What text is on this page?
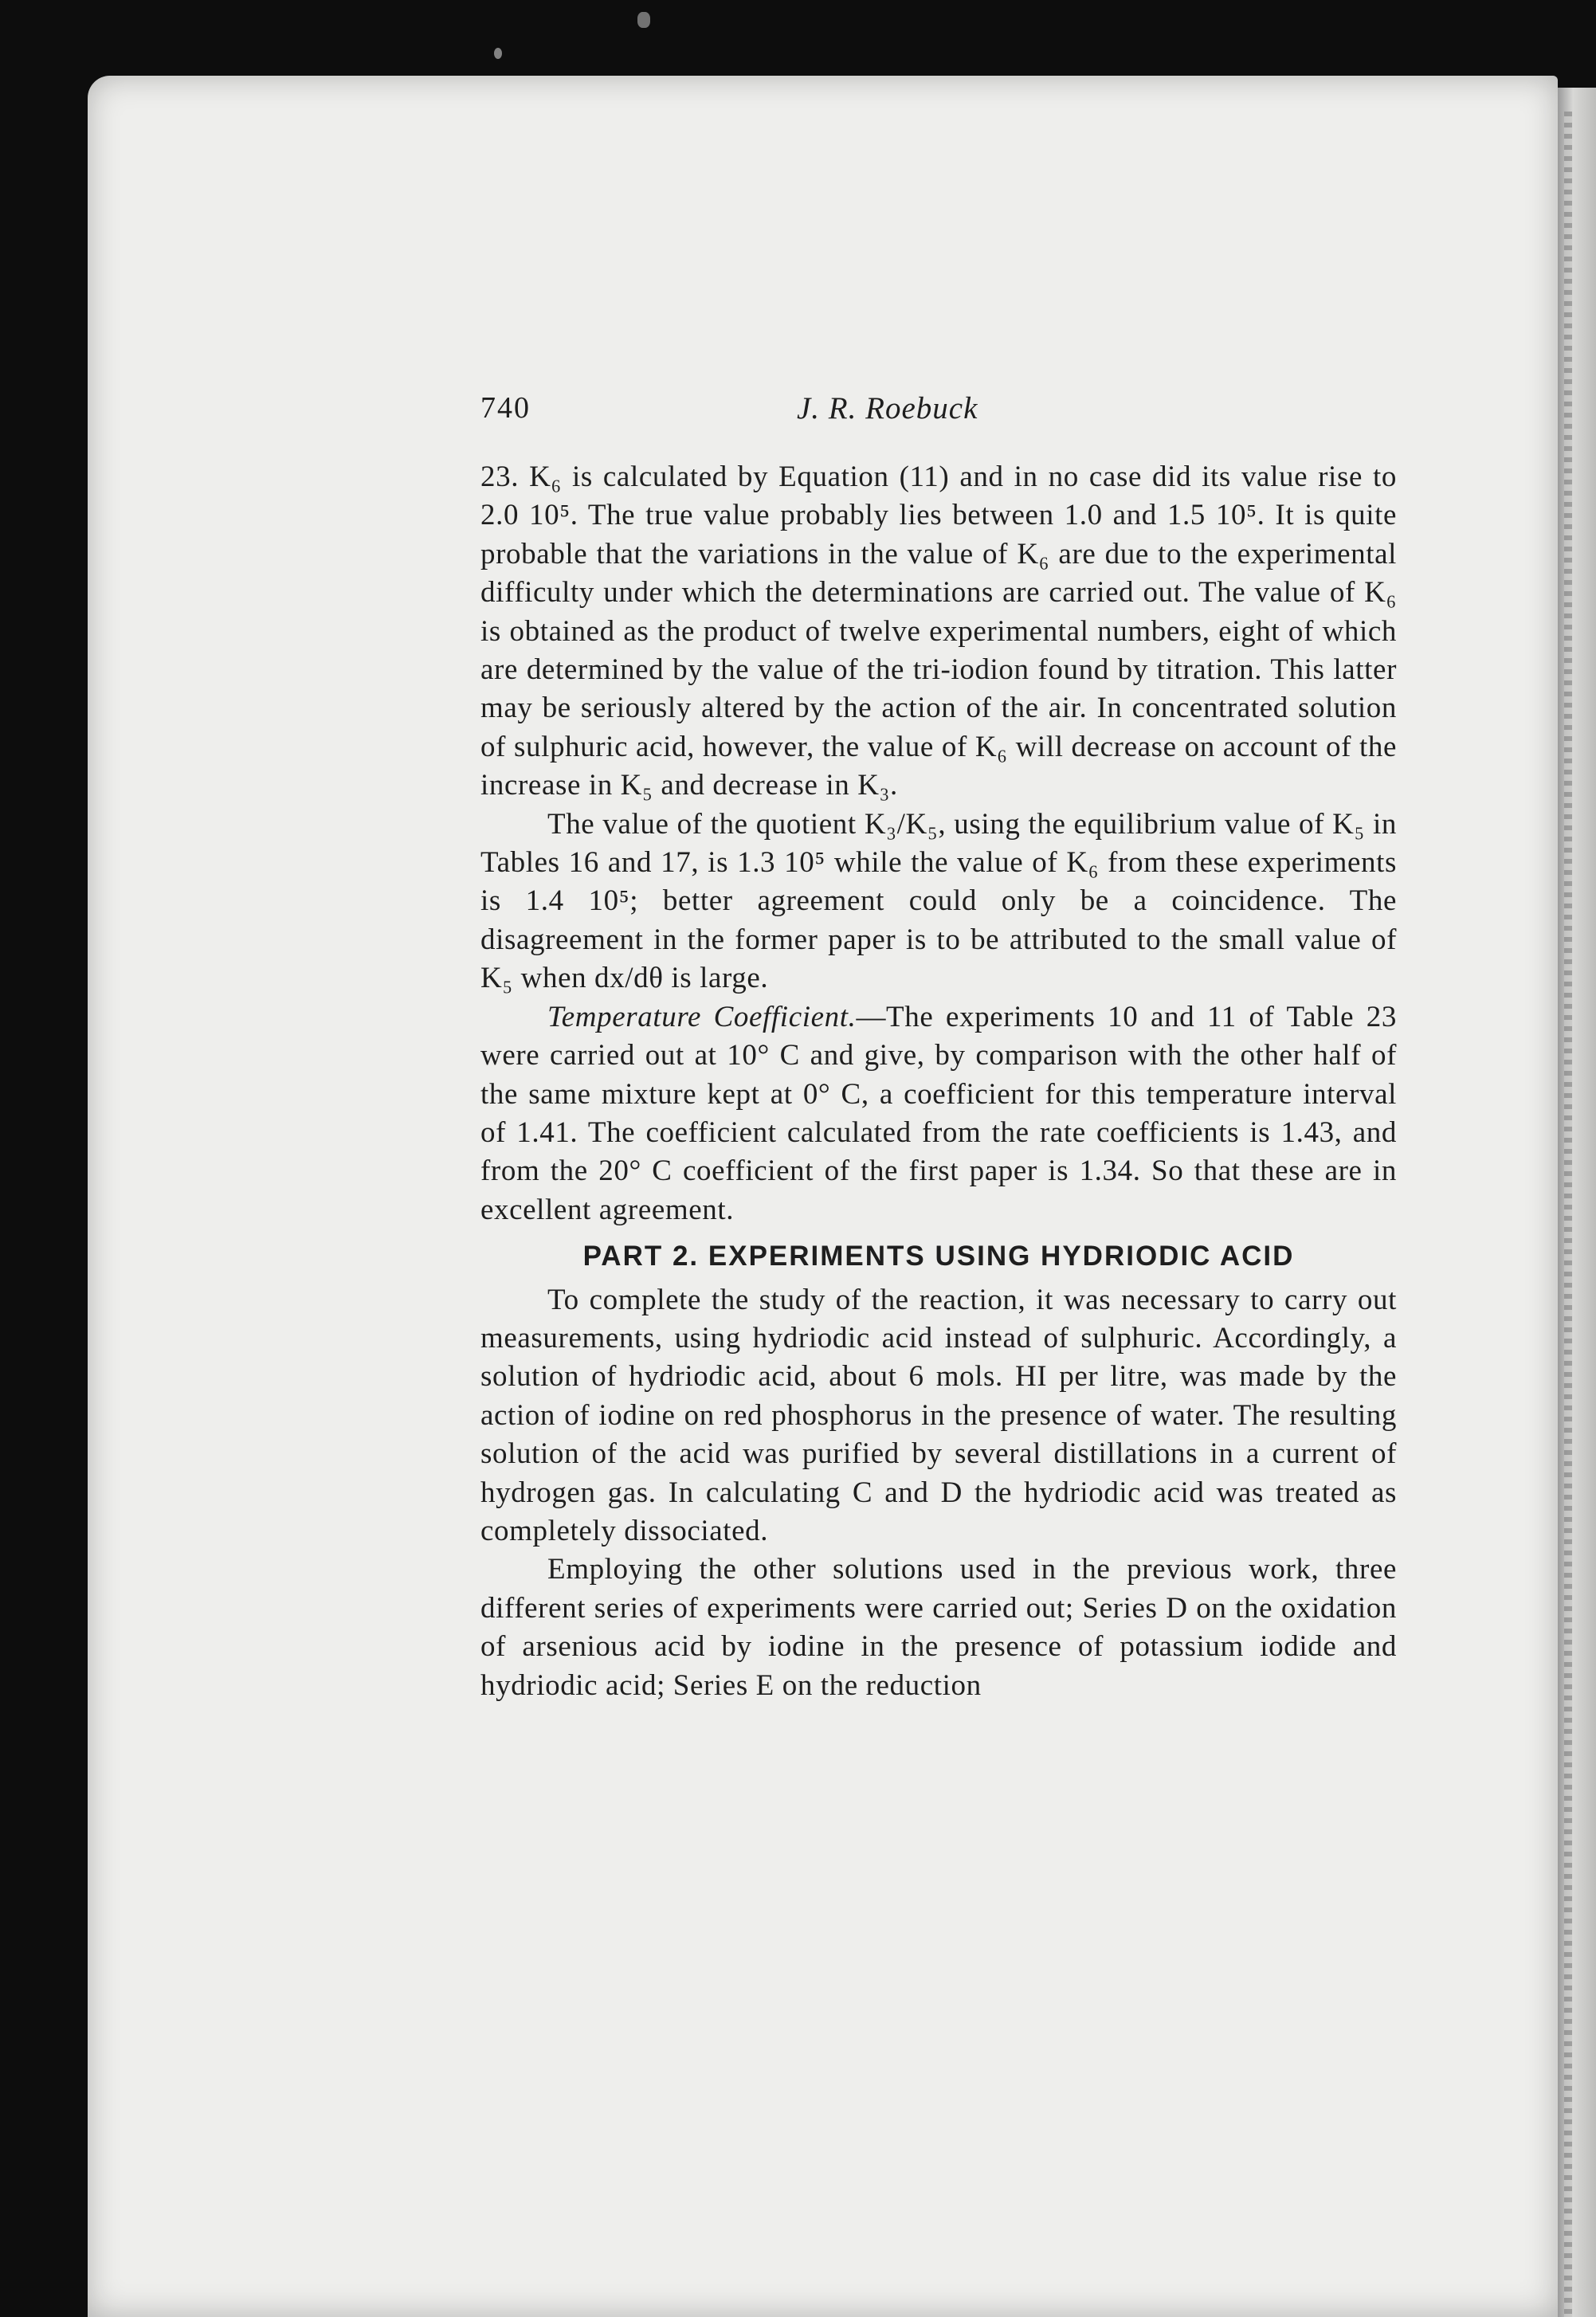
740	J. R. Roebuck

23. K₆ is calculated by Equation (11) and in no case did its value rise to 2.0 10⁵. The true value probably lies between 1.0 and 1.5 10⁵. It is quite probable that the variations in the value of K₆ are due to the experimental difficulty under which the determinations are carried out. The value of K₆ is obtained as the product of twelve experimental numbers, eight of which are determined by the value of the tri-iodion found by titration. This latter may be seriously altered by the action of the air. In concentrated solution of sulphuric acid, however, the value of K₆ will decrease on account of the increase in K₅ and decrease in K₃.

The value of the quotient K₃/K₅, using the equilibrium value of K₅ in Tables 16 and 17, is 1.3 10⁵ while the value of K₆ from these experiments is 1.4 10⁵; better agreement could only be a coincidence. The disagreement in the former paper is to be attributed to the small value of K₅ when dx/dθ is large.

Temperature Coefficient.—The experiments 10 and 11 of Table 23 were carried out at 10° C and give, by comparison with the other half of the same mixture kept at 0° C, a coefficient for this temperature interval of 1.41. The coefficient calculated from the rate coefficients is 1.43, and from the 20° C coefficient of the first paper is 1.34. So that these are in excellent agreement.

PART 2. EXPERIMENTS USING HYDRIODIC ACID

To complete the study of the reaction, it was necessary to carry out measurements, using hydriodic acid instead of sulphuric. Accordingly, a solution of hydriodic acid, about 6 mols. HI per litre, was made by the action of iodine on red phosphorus in the presence of water. The resulting solution of the acid was purified by several distillations in a current of hydrogen gas. In calculating C and D the hydriodic acid was treated as completely dissociated.

Employing the other solutions used in the previous work, three different series of experiments were carried out; Series D on the oxidation of arsenious acid by iodine in the presence of potassium iodide and hydriodic acid; Series E on the reduction
